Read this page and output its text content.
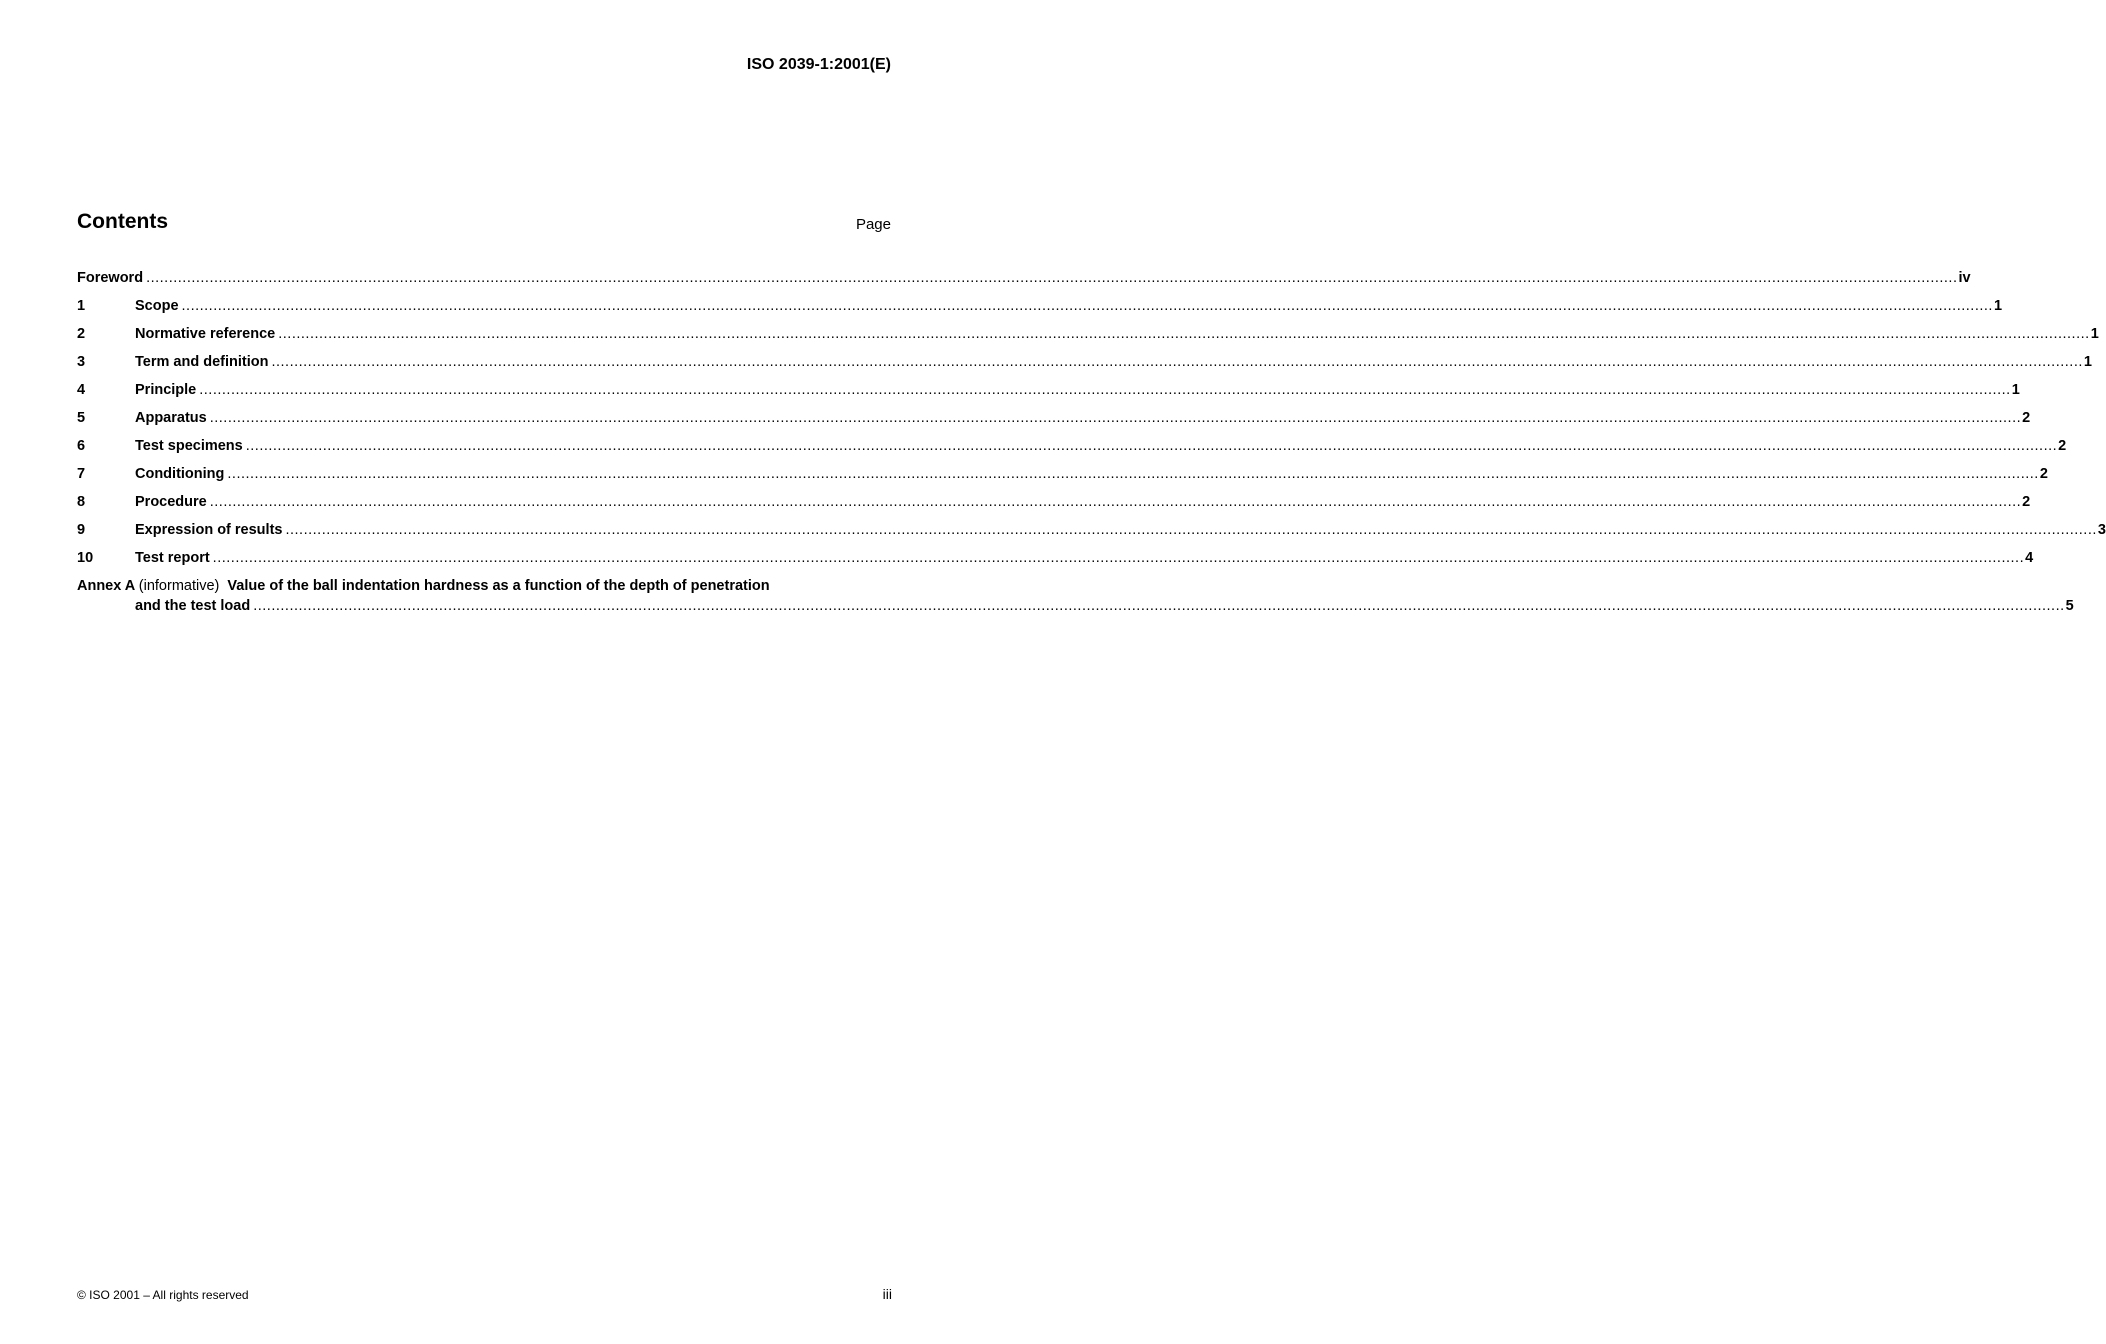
ISO 2039-1:2001(E)
Contents	Page
Foreword ................................................................................................................................................................................................................................................................................................................................................................................................................ iv
1	Scope ................................................................................................................................................................................................................................................................................................................................................................................................................ 1
2	Normative reference ................................................................................................................................................................................................................................................................................................................................................................................................................ 1
3	Term and definition ................................................................................................................................................................................................................................................................................................................................................................................................................ 1
4	Principle ................................................................................................................................................................................................................................................................................................................................................................................................................ 1
5	Apparatus ................................................................................................................................................................................................................................................................................................................................................................................................................ 2
6	Test specimens ................................................................................................................................................................................................................................................................................................................................................................................................................ 2
7	Conditioning ................................................................................................................................................................................................................................................................................................................................................................................................................ 2
8	Procedure ................................................................................................................................................................................................................................................................................................................................................................................................................ 2
9	Expression of results ................................................................................................................................................................................................................................................................................................................................................................................................................ 3
10	Test report ................................................................................................................................................................................................................................................................................................................................................................................................................ 4
Annex A (informative) Value of the ball indentation hardness as a function of the depth of penetration
and the test load ................................................................................................................................................................................................................................................................................................................................................................................................................ 5
© ISO 2001 – All rights reserved	iii
